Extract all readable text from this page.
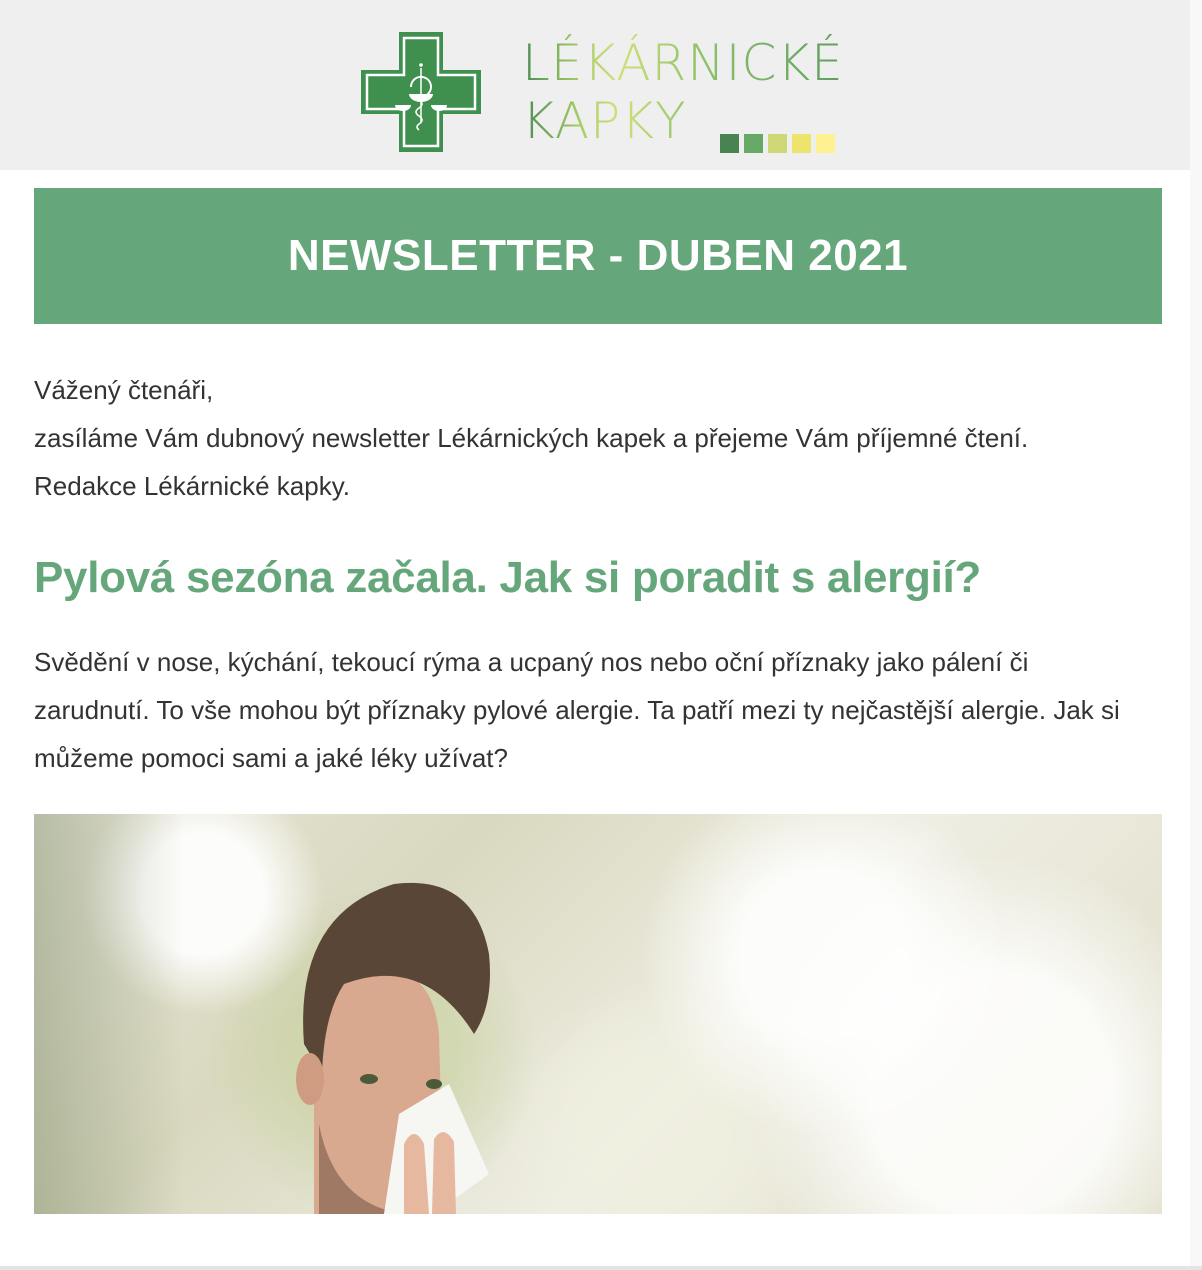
LÉKÁRNICKÉ
KAPKY
NEWSLETTER - DUBEN 2021

Vážený čtenáři,

zasíláme Vám dubnový newsletter Lékárnických kapek a přejeme Vám příjemné čtení.

Redakce Lékárnické kapky.

Pylová sezóna začala. Jak si poradit s alergií?

Svědění v nose, kýchání, tekoucí rýma a ucpaný nos nebo oční příznaky jako pálení či zarudnutí. To vše mohou být příznaky pylové alergie. Ta patří mezi ty nejčastější alergie. Jak si můžeme pomoci sami a jaké léky užívat?
